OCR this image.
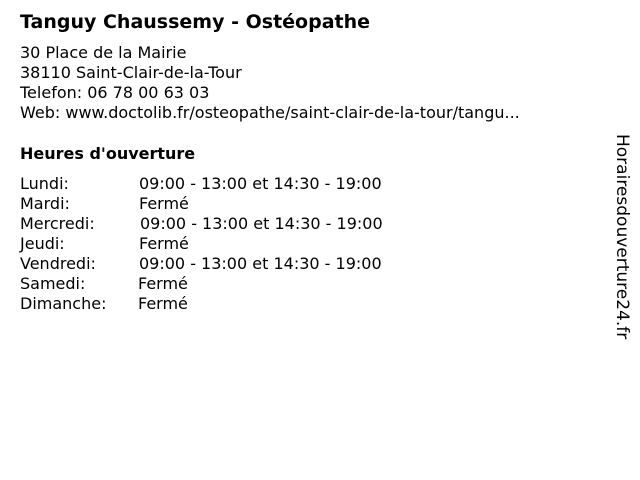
Tanguy Chaussemy - Ostéopathe
30 Place de la Mairie
38110 Saint-Clair-de-la-Tour
Telefon: 06 78 00 63 03
Web: www.doctolib.fr/osteopathe/saint-clair-de-la-tour/tangu...
Heures d'ouverture
Lundi:	09:00 - 13:00 et 14:30 - 19:00
Mardi:	Fermé
Mercredi:	09:00 - 13:00 et 14:30 - 19:00
Jeudi:	Fermé
Vendredi:	09:00 - 13:00 et 14:30 - 19:00
Samedi:	Fermé
Dimanche: Fermé	Horairesdouverture24.fr
